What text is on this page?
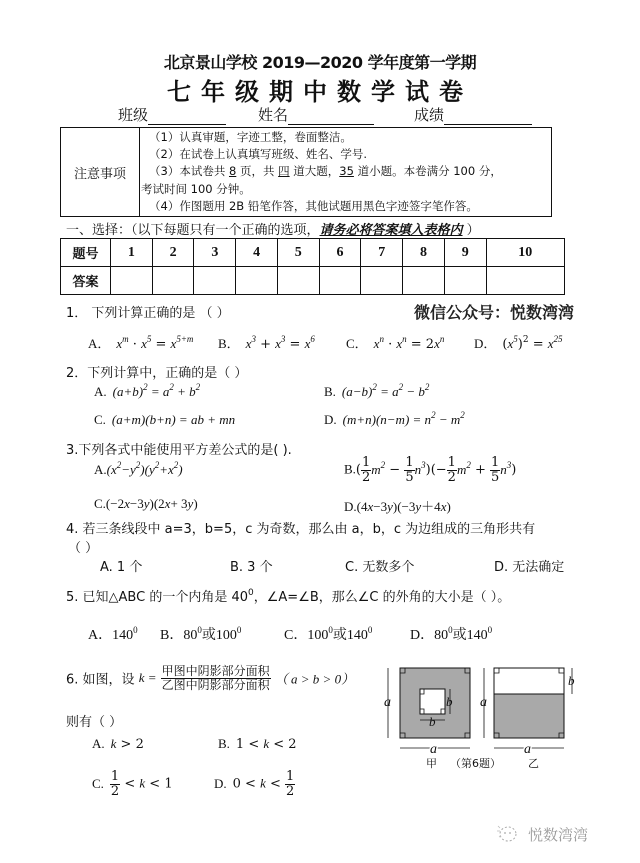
北京景山学校 2019—2020 学年度第一学期
七年级期中数学试卷
班级	姓名	成绩
注意事项
（1）认真审题，字迹工整，卷面整洁。
（2）在试卷上认真填写班级、姓名、学号.
（3）本试卷共 8 页，共 四 道大题，35 道小题。本卷满分 100 分，
考试时间 100 分钟。
（4）作图题用 2B 铅笔作答，其他试题用黑色字迹签字笔作答。
一、选择：（以下每题只有一个正确的选项，请务必将答案填入表格内 ）
题号	1	2	3	4	5	6	7	8	9	10
答案										
1． 下列计算正确的是 （ ）	微信公众号：悦数湾湾
A． $x^m \cdot x^5 = x^{5+m}$ B． $x^3 + x^3 = x^6$ C． $x^n \cdot x^n = 2x^n$ D． $(x^5)^2 = x^{25}$
2．下列计算中，正确的是（ ）
A. $(a+b)^2 = a^2 + b^2$	B. $(a-b)^2 = a^2 - b^2$
C. (a+m)(b+n) = ab + mn	D. $(m+n)(n-m) = n^2 - m^2$
3.下列各式中能使用平方差公式的是( ).
$A.(x^2-y^2)(y^2+x^2)$	$B.( \frac{1}{2} m^2 - \frac{1}{5} n^3)(- \frac{1}{2} m^2 + \frac{1}{5} n^3)$
C.(−2x−3y)(2x+ 3y)	D.(4x−3y)(−3y＋4x)
4. 若三条线段中 a=3，b=5，c 为奇数，那么由 a，b，c 为边组成的三角形共有
（ ）
A. 1 个	B. 3 个	C. 无数多个	D. 无法确定
5. 已知△ABC 的一个内角是 $40^0$，∠A=∠B，那么∠C 的外角的大小是（ ）。
A．$140^0$ B．$80^0$或$100^0$	C．$100^0$或$140^0$	D．$80^0$或$140^0$
6. 如图，设 $k = \frac{\text{甲图中阴影部分面积}}{\text{乙图中阴影部分面积}}$ （ a > b > 0）
则有（ ）
A. k > 2	B. 1 < k < 2
C. $\frac{1}{2} < k < 1$	D. $0 < k < \frac{1}{2}$
a
a
b
b
a
a
b
甲 （第6题） 乙
悦数湾湾
